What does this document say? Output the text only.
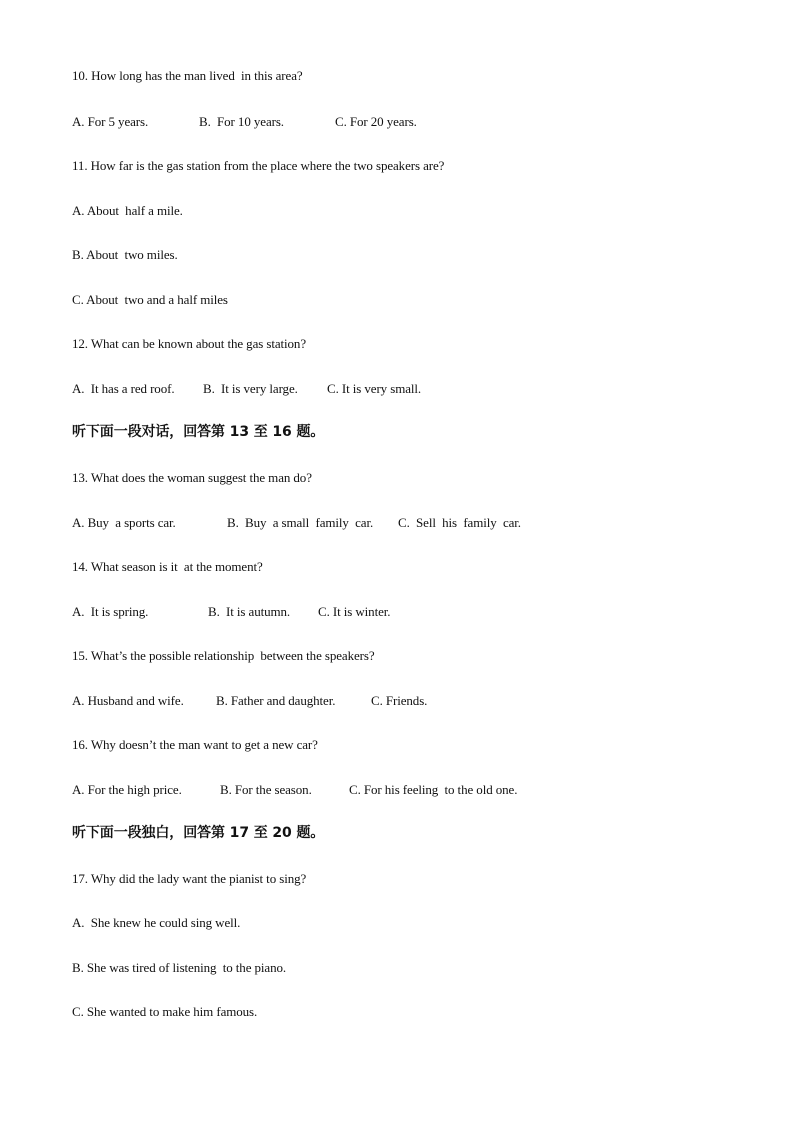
10. How long has the man lived  in this area?

A. For 5 years.

	B.  For 10 years.

	C. For 20 years.

11. How far is the gas station from the place where the two speakers are?
A. About  half a mile.
B. About  two miles.
C. About  two and a half miles
12. What can be known about the gas station?

A.  It has a red roof.

B.  It is very large.

C. It is very small.

听下面一段对话，回答第 13 至 16 题。
13. What does the woman suggest the man do?

A. Buy  a sports car.

	B.  Buy  a small  family  car.

C.  Sell  his  family  car.

14. What season is it  at the moment?

A.  It is spring.

	B.  It is autumn.

C. It is winter.

15. What’s the possible relationship  between the speakers?

A. Husband and wife.

B. Father and daughter.

	C. Friends.

16. Why doesn’t the man want to get a new car?

A. For the high price.

	B. For the season.

	C. For his feeling  to the old one.

听下面一段独白，回答第 17 至 20 题。
17. Why did the lady want the pianist to sing?
A.  She knew he could sing well.
B. She was tired of listening  to the piano.
C. She wanted to make him famous.
